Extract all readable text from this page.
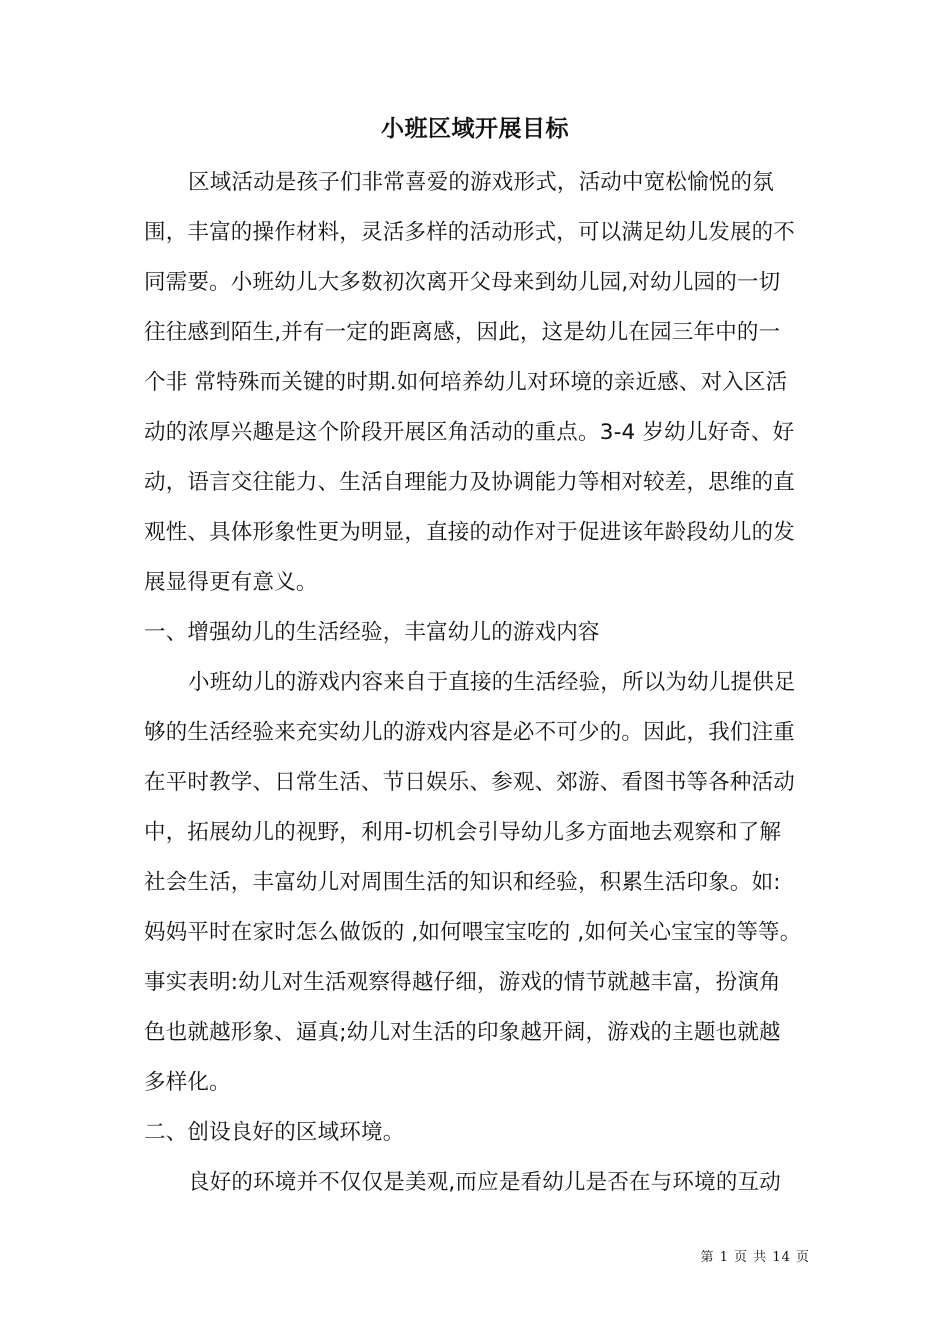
小班区域开展目标
区域活动是孩子们非常喜爱的游戏形式，活动中宽松愉悦的氛
围，丰富的操作材料，灵活多样的活动形式，可以满足幼儿发展的不
同需要。小班幼儿大多数初次离开父母来到幼儿园,对幼儿园的一切
往往感到陌生,并有一定的距离感，因此，这是幼儿在园三年中的一
个非 常特殊而关键的时期.如何培养幼儿对环境的亲近感、对入区活
动的浓厚兴趣是这个阶段开展区角活动的重点。3-4 岁幼儿好奇、好
动，语言交往能力、生活自理能力及协调能力等相对较差，思维的直
观性、具体形象性更为明显，直接的动作对于促进该年龄段幼儿的发
展显得更有意义。
一、增强幼儿的生活经验，丰富幼儿的游戏内容
小班幼儿的游戏内容来自于直接的生活经验，所以为幼儿提供足
够的生活经验来充实幼儿的游戏内容是必不可少的。因此，我们注重
在平时教学、日常生活、节日娱乐、参观、郊游、看图书等各种活动
中，拓展幼儿的视野，利用-切机会引导幼儿多方面地去观察和了解
社会生活，丰富幼儿对周围生活的知识和经验，积累生活印象。如:
妈妈平时在家时怎么做饭的 ,如何喂宝宝吃的 ,如何关心宝宝的等等。
事实表明:幼儿对生活观察得越仔细，游戏的情节就越丰富，扮演角
色也就越形象、逼真;幼儿对生活的印象越开阔，游戏的主题也就越
多样化。
二、创设良好的区域环境。
良好的环境并不仅仅是美观,而应是看幼儿是否在与环境的互动
第 1 页 共 14 页
